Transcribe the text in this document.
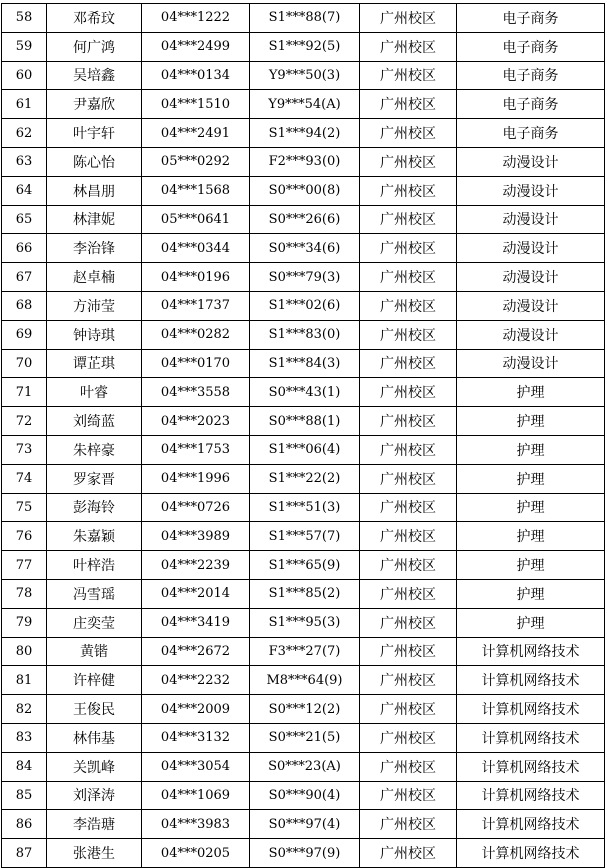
58	邓希玟	04***1222	S1***88(7)	广州校区	电子商务
59	何广鸿	04***2499	S1***92(5)	广州校区	电子商务
60	吴培鑫	04***0134	Y9***50(3)	广州校区	电子商务
61	尹嘉欣	04***1510	Y9***54(A)	广州校区	电子商务
62	叶宇轩	04***2491	S1***94(2)	广州校区	电子商务
63	陈心怡	05***0292	F2***93(0)	广州校区	动漫设计
64	林昌朋	04***1568	S0***00(8)	广州校区	动漫设计
65	林津妮	05***0641	S0***26(6)	广州校区	动漫设计
66	李治锋	04***0344	S0***34(6)	广州校区	动漫设计
67	赵卓楠	04***0196	S0***79(3)	广州校区	动漫设计
68	方沛莹	04***1737	S1***02(6)	广州校区	动漫设计
69	钟诗琪	04***0282	S1***83(0)	广州校区	动漫设计
70	谭芷琪	04***0170	S1***84(3)	广州校区	动漫设计
71	叶睿	04***3558	S0***43(1)	广州校区	护理
72	刘绮蓝	04***2023	S0***88(1)	广州校区	护理
73	朱梓豪	04***1753	S1***06(4)	广州校区	护理
74	罗家晋	04***1996	S1***22(2)	广州校区	护理
75	彭海铃	04***0726	S1***51(3)	广州校区	护理
76	朱嘉颖	04***3989	S1***57(7)	广州校区	护理
77	叶梓浩	04***2239	S1***65(9)	广州校区	护理
78	冯雪瑶	04***2014	S1***85(2)	广州校区	护理
79	庄奕莹	04***3419	S1***95(3)	广州校区	护理
80	黄锴	04***2672	F3***27(7)	广州校区	计算机网络技术
81	许梓健	04***2232	M8***64(9)	广州校区	计算机网络技术
82	王俊民	04***2009	S0***12(2)	广州校区	计算机网络技术
83	林伟基	04***3132	S0***21(5)	广州校区	计算机网络技术
84	关凯峰	04***3054	S0***23(A)	广州校区	计算机网络技术
85	刘泽涛	04***1069	S0***90(4)	广州校区	计算机网络技术
86	李浩瑭	04***3983	S0***97(4)	广州校区	计算机网络技术
87	张港生	04***0205	S0***97(9)	广州校区	计算机网络技术
